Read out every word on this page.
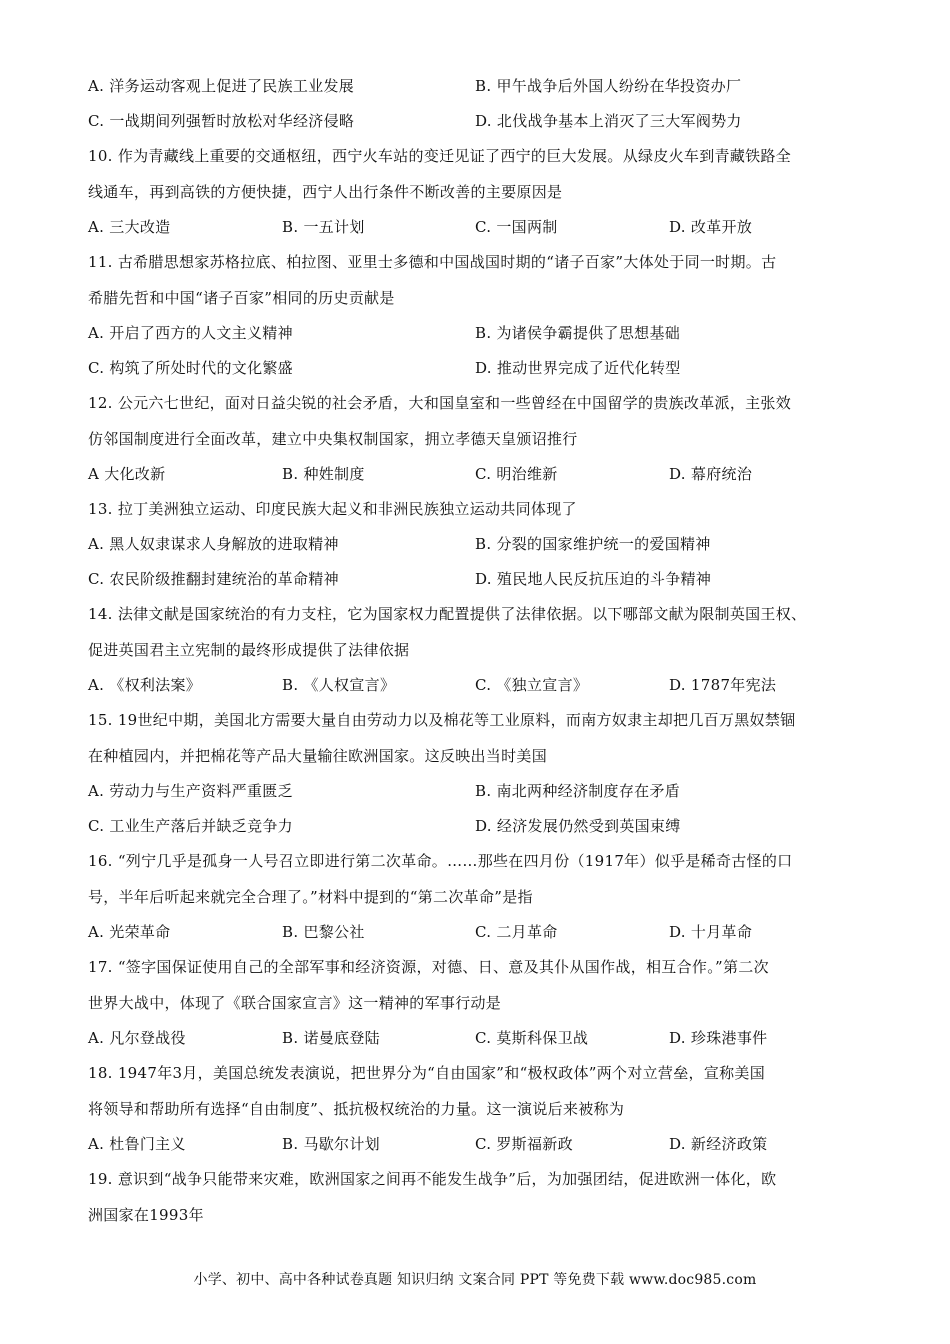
A. 洋务运动客观上促进了民族工业发展	B. 甲午战争后外国人纷纷在华投资办厂
C. 一战期间列强暂时放松对华经济侵略	D. 北伐战争基本上消灭了三大军阀势力
10. 作为青藏线上重要的交通枢纽，西宁火车站的变迁见证了西宁的巨大发展。从绿皮火车到青藏铁路全
线通车，再到高铁的方便快捷，西宁人出行条件不断改善的主要原因是
A. 三大改造	B. 一五计划	C. 一国两制	D. 改革开放
11. 古希腊思想家苏格拉底、柏拉图、亚里士多德和中国战国时期的“诸子百家”大体处于同一时期。古
希腊先哲和中国“诸子百家”相同的历史贡献是
A. 开启了西方的人文主义精神	B. 为诸侯争霸提供了思想基础
C. 构筑了所处时代的文化繁盛	D. 推动世界完成了近代化转型
12. 公元六七世纪，面对日益尖锐的社会矛盾，大和国皇室和一些曾经在中国留学的贵族改革派，主张效
仿邻国制度进行全面改革，建立中央集权制国家，拥立孝德天皇颁诏推行
A 大化改新	B. 种姓制度	C. 明治维新	D. 幕府统治
13. 拉丁美洲独立运动、印度民族大起义和非洲民族独立运动共同体现了
A. 黑人奴隶谋求人身解放的进取精神	B. 分裂的国家维护统一的爱国精神
C. 农民阶级推翻封建统治的革命精神	D. 殖民地人民反抗压迫的斗争精神
14. 法律文献是国家统治的有力支柱，它为国家权力配置提供了法律依据。以下哪部文献为限制英国王权、
促进英国君主立宪制的最终形成提供了法律依据
A. 《权利法案》	B. 《人权宣言》	C. 《独立宣言》	D. 1787年宪法
15. 19世纪中期，美国北方需要大量自由劳动力以及棉花等工业原料，而南方奴隶主却把几百万黑奴禁锢
在种植园内，并把棉花等产品大量输往欧洲国家。这反映出当时美国
A. 劳动力与生产资料严重匮乏	B. 南北两种经济制度存在矛盾
C. 工业生产落后并缺乏竞争力	D. 经济发展仍然受到英国束缚
16. “列宁几乎是孤身一人号召立即进行第二次革命。……那些在四月份（1917年）似乎是稀奇古怪的口
号，半年后听起来就完全合理了。”材料中提到的“第二次革命”是指
A. 光荣革命	B. 巴黎公社	C. 二月革命	D. 十月革命
17. “签字国保证使用自己的全部军事和经济资源，对德、日、意及其仆从国作战，相互合作。”第二次
世界大战中，体现了《联合国家宣言》这一精神的军事行动是
A. 凡尔登战役	B. 诺曼底登陆	C. 莫斯科保卫战	D. 珍珠港事件
18. 1947年3月，美国总统发表演说，把世界分为“自由国家”和“极权政体”两个对立营垒，宣称美国
将领导和帮助所有选择“自由制度”、抵抗极权统治的力量。这一演说后来被称为
A. 杜鲁门主义	B. 马歇尔计划	C. 罗斯福新政	D. 新经济政策
19. 意识到“战争只能带来灾难，欧洲国家之间再不能发生战争”后，为加强团结，促进欧洲一体化，欧
洲国家在1993年
小学、初中、高中各种试卷真题 知识归纳 文案合同 PPT 等免费下载 www.doc985.com
